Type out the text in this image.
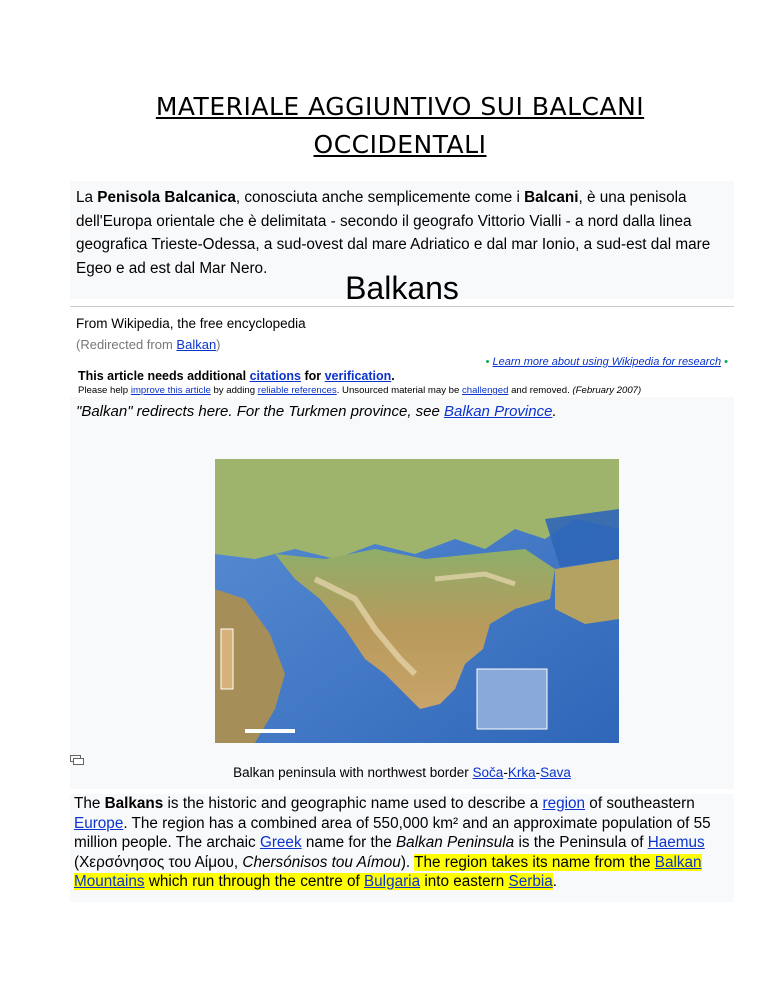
MATERIALE AGGIUNTIVO SUI BALCANI
OCCIDENTALI

La Penisola Balcanica, conosciuta anche semplicemente come i Balcani, è una penisola dell'Europa orientale che è delimitata - secondo il geografo Vittorio Vialli - a nord dalla linea geografica Trieste-Odessa, a sud-ovest dal mare Adriatico e dal mar Ionio, a sud-est dal mare Egeo e ad est dal Mar Nero.

Balkans
From Wikipedia, the free encyclopedia
(Redirected from Balkan)
• Learn more about using Wikipedia for research •
This article needs additional citations for verification.
Please help improve this article by adding reliable references. Unsourced material may be challenged and removed. (February 2007)
"Balkan" redirects here. For the Turkmen province, see Balkan Province.
Balkan peninsula with northwest border Soča-Krka-Sava

The Balkans is the historic and geographic name used to describe a region of southeastern Europe. The region has a combined area of 550,000 km² and an approximate population of 55 million people. The archaic Greek name for the Balkan Peninsula is the Peninsula of Haemus (Χερσόνησος του Αίμου, Chersónisos tou Aímou). The region takes its name from the Balkan Mountains which run through the centre of Bulgaria into eastern Serbia.
